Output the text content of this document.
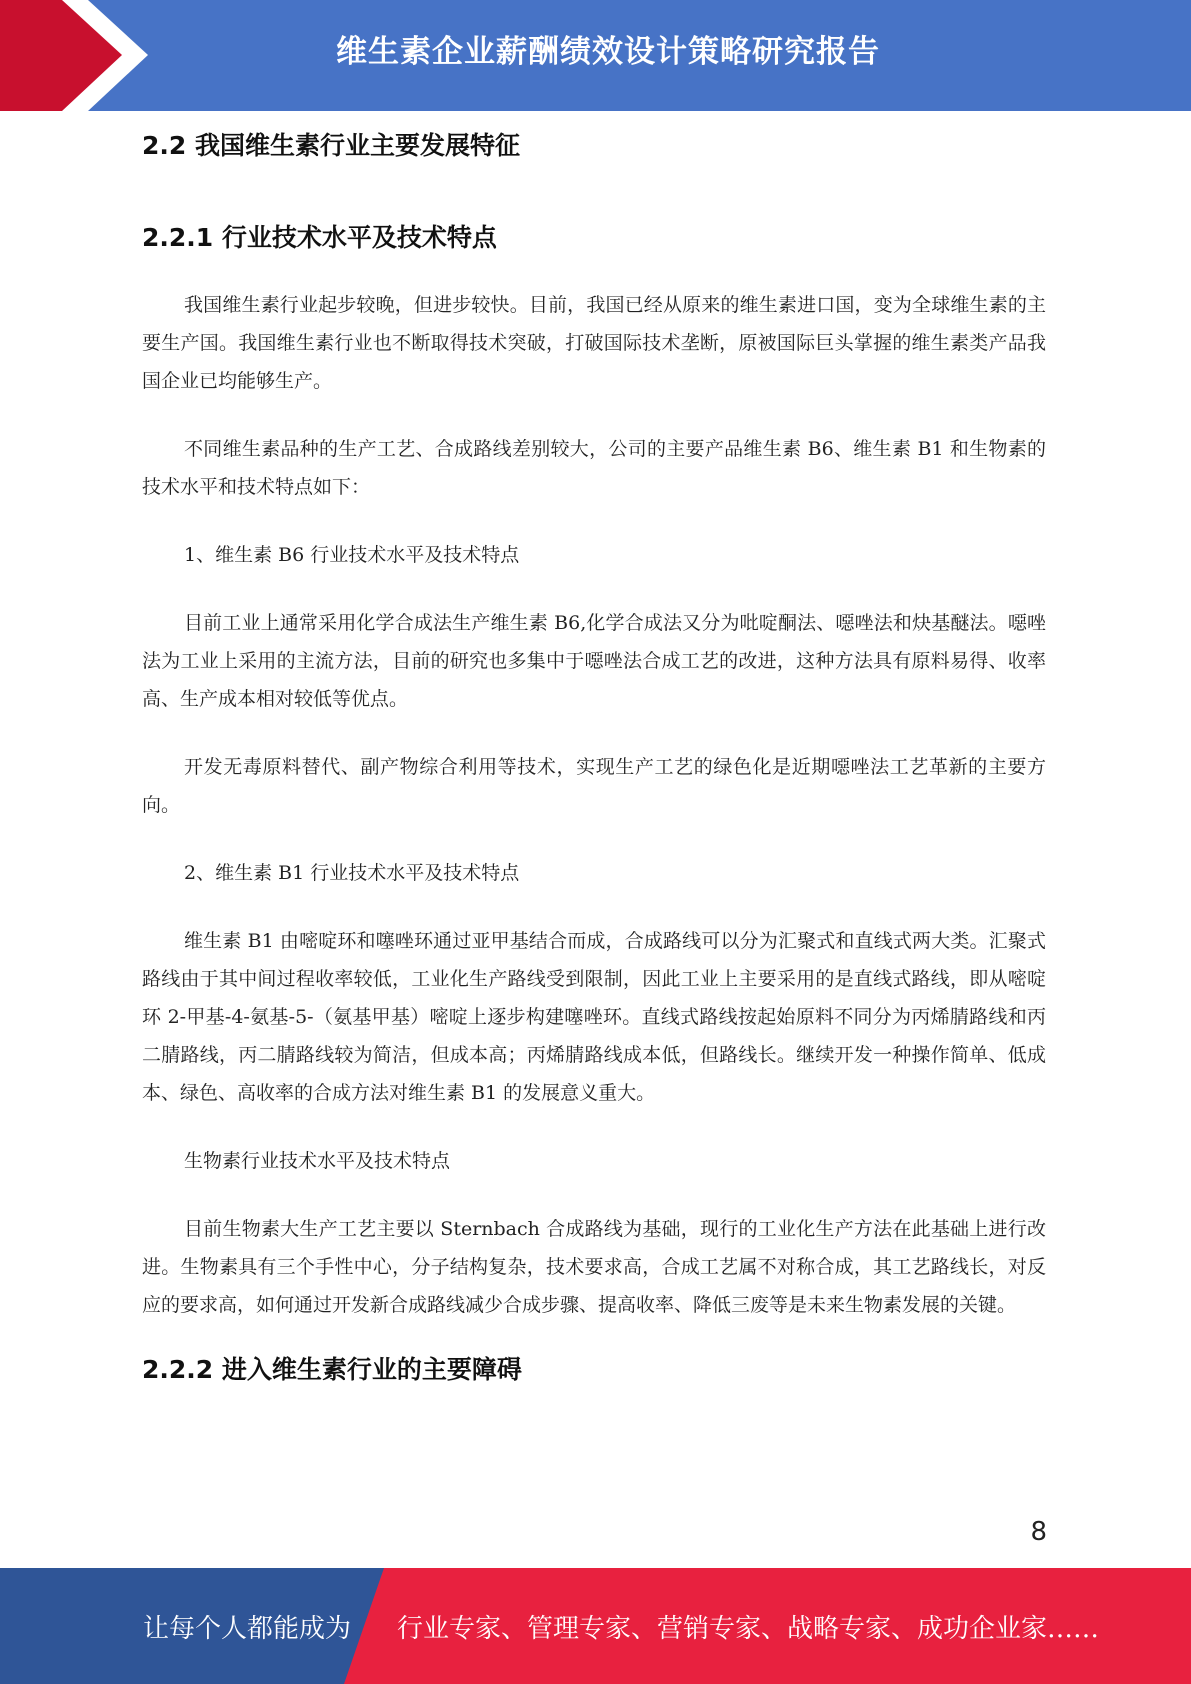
维生素企业薪酬绩效设计策略研究报告
2.2 我国维生素行业主要发展特征
2.2.1 行业技术水平及技术特点

我国维生素行业起步较晚，但进步较快。目前，我国已经从原来的维生素进口国，变为全球维生素的主要生产国。我国维生素行业也不断取得技术突破，打破国际技术垄断，原被国际巨头掌握的维生素类产品我国企业已均能够生产。

不同维生素品种的生产工艺、合成路线差别较大，公司的主要产品维生素 B6、维生素 B1 和生物素的技术水平和技术特点如下：

1、维生素 B6 行业技术水平及技术特点

目前工业上通常采用化学合成法生产维生素 B6,化学合成法又分为吡啶酮法、噁唑法和炔基醚法。噁唑法为工业上采用的主流方法，目前的研究也多集中于噁唑法合成工艺的改进，这种方法具有原料易得、收率高、生产成本相对较低等优点。

开发无毒原料替代、副产物综合利用等技术，实现生产工艺的绿色化是近期噁唑法工艺革新的主要方向。

2、维生素 B1 行业技术水平及技术特点

维生素 B1 由嘧啶环和噻唑环通过亚甲基结合而成，合成路线可以分为汇聚式和直线式两大类。汇聚式路线由于其中间过程收率较低，工业化生产路线受到限制，因此工业上主要采用的是直线式路线，即从嘧啶环 2-甲基-4-氨基-5-（氨基甲基）嘧啶上逐步构建噻唑环。直线式路线按起始原料不同分为丙烯腈路线和丙二腈路线，丙二腈路线较为简洁，但成本高；丙烯腈路线成本低，但路线长。继续开发一种操作简单、低成本、绿色、高收率的合成方法对维生素 B1 的发展意义重大。

生物素行业技术水平及技术特点

目前生物素大生产工艺主要以 Sternbach 合成路线为基础，现行的工业化生产方法在此基础上进行改进。生物素具有三个手性中心，分子结构复杂，技术要求高，合成工艺属不对称合成，其工艺路线长，对反应的要求高，如何通过开发新合成路线减少合成步骤、提高收率、降低三废等是未来生物素发展的关键。

2.2.2 进入维生素行业的主要障碍
8
让每个人都能成为 行业专家、管理专家、营销专家、战略专家、成功企业家……
